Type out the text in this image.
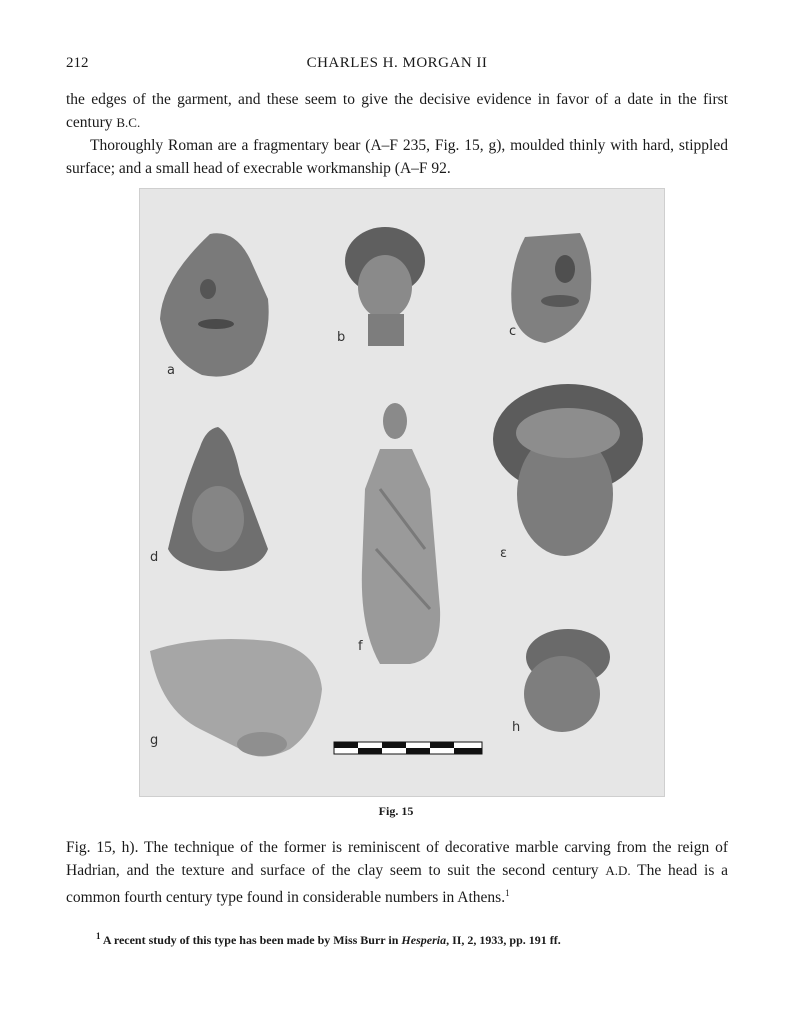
212	CHARLES H. MORGAN II

the edges of the garment, and these seem to give the decisive evidence in favor of a date in the first century B.C.

Thoroughly Roman are a fragmentary bear (A–F 235, Fig. 15, g), moulded thinly with hard, stippled surface; and a small head of execrable workmanship (A–F 92.

a
b	c
d	ε
f
g
h
Fig. 15

Fig. 15, h). The technique of the former is reminiscent of decorative marble carving from the reign of Hadrian, and the texture and surface of the clay seem to suit the second century A.D. The head is a common fourth century type found in considerable numbers in Athens.$^1$

$^1$ A recent study of this type has been made by Miss Burr in Hesperia, II, 2, 1933, pp. 191 ff.
